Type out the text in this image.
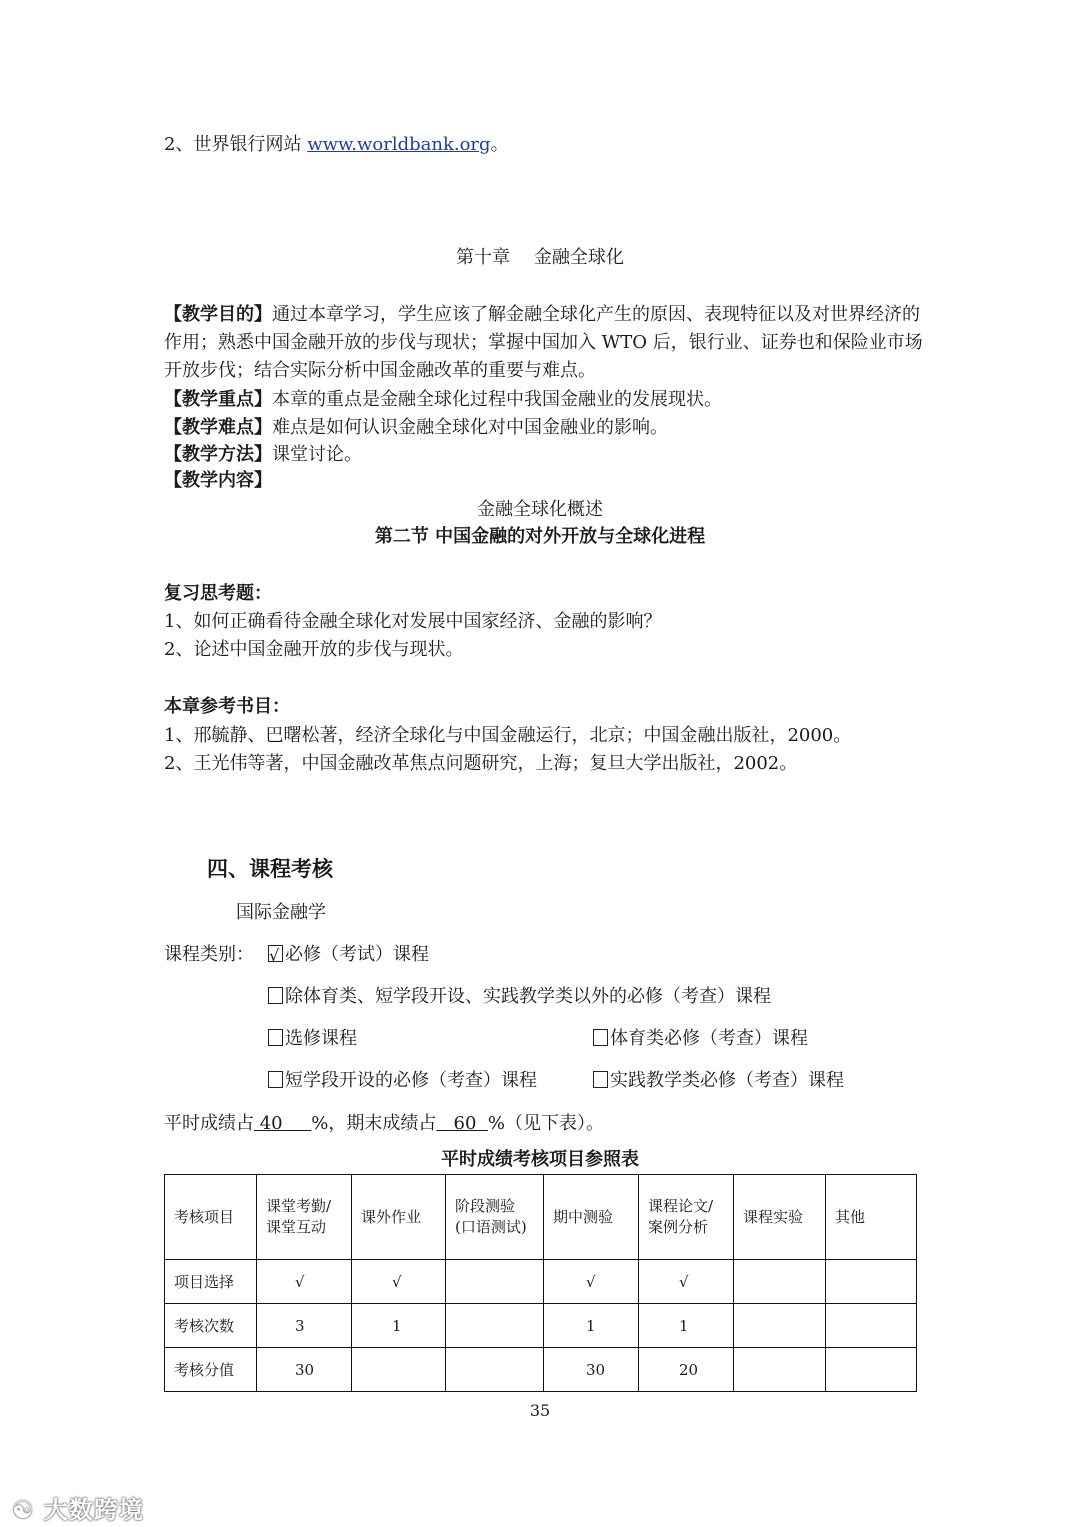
2、世界银行网站 www.worldbank.org。
第十章　 金融全球化
【教学目的】通过本章学习，学生应该了解金融全球化产生的原因、表现特征以及对世界经济的作用；熟悉中国金融开放的步伐与现状；掌握中国加入 WTO 后，银行业、证券也和保险业市场开放步伐；结合实际分析中国金融改革的重要与难点。
【教学重点】本章的重点是金融全球化过程中我国金融业的发展现状。
【教学难点】难点是如何认识金融全球化对中国金融业的影响。
【教学方法】课堂讨论。
【教学内容】
金融全球化概述
第二节 中国金融的对外开放与全球化进程
复习思考题：
1、如何正确看待金融全球化对发展中国家经济、金融的影响？
2、论述中国金融开放的步伐与现状。
本章参考书目：
1、邢毓静、巴曙松著，经济全球化与中国金融运行，北京；中国金融出版社，2000。
2、王光伟等著，中国金融改革焦点问题研究，上海；复旦大学出版社，2002。
四、课程考核
国际金融学
课程类别： √	必修（考试）课程
除体育类、短学段开设、实践教学类以外的必修（考查）课程
选修课程	体育类必修（考查）课程
短学段开设的必修（考查）课程	实践教学类必修（考查）课程
平时成绩占 40 %，期末成绩占 60 %（见下表）。
平时成绩考核项目参照表
考核项目	课堂考勤/
课堂互动	课外作业	阶段测验
(口语测试)	期中测验	课程论文/
案例分析	课程实验	其他
项目选择	√	√		√	√		
考核次数	3	1		1	1		
考核分值	30			30	20		
35
☯ 大数跨境
